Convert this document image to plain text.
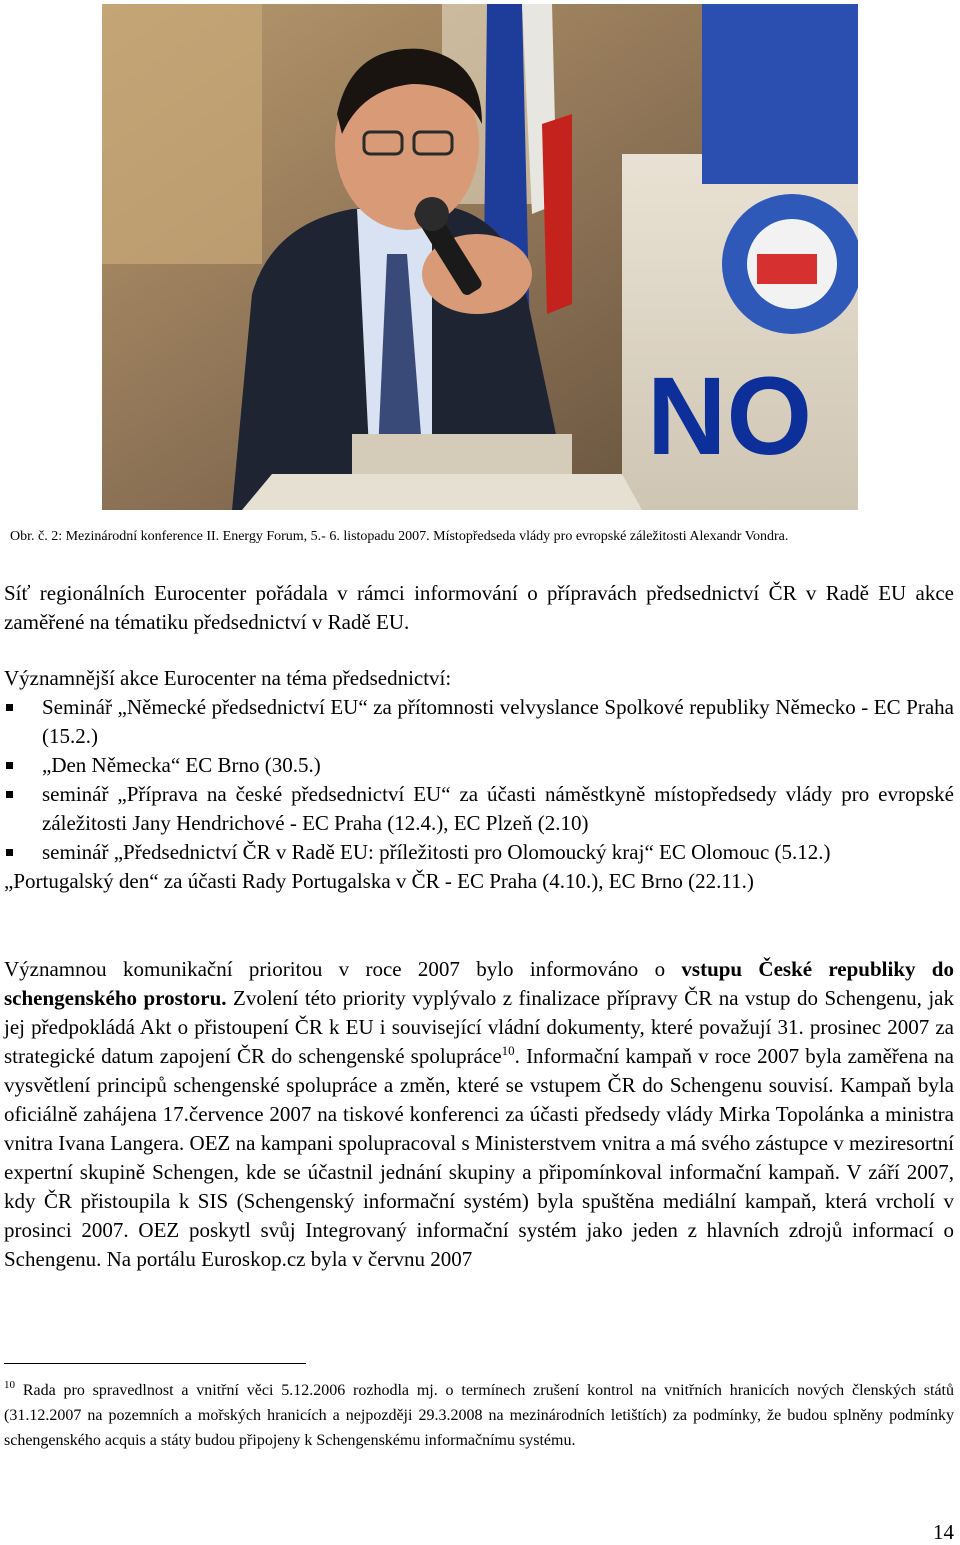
NO
Obr. č. 2: Mezinárodní konference II. Energy Forum, 5.- 6. listopadu 2007. Místopředseda vlády pro evropské záležitosti Alexandr Vondra.
Síť regionálních Eurocenter pořádala v rámci informování o přípravách předsednictví ČR v Radě EU akce zaměřené na tématiku předsednictví v Radě EU.
Významnější akce Eurocenter na téma předsednictví:
Seminář „Německé předsednictví EU“ za přítomnosti velvyslance Spolkové republiky Německo - EC Praha (15.2.)
„Den Německa“ EC Brno (30.5.)
seminář „Příprava na české předsednictví EU“ za účasti náměstkyně místopředsedy vlády pro evropské záležitosti Jany Hendrichové - EC Praha (12.4.), EC Plzeň (2.10)
seminář „Předsednictví ČR v Radě EU: příležitosti pro Olomoucký kraj“ EC Olomouc (5.12.)
„Portugalský den“ za účasti Rady Portugalska v ČR - EC Praha (4.10.), EC Brno (22.11.)
Významnou komunikační prioritou v roce 2007 bylo informováno o vstupu České republiky do schengenského prostoru. Zvolení této priority vyplývalo z finalizace přípravy ČR na vstup do Schengenu, jak jej předpokládá Akt o přistoupení ČR k EU i související vládní dokumenty, které považují 31. prosinec 2007 za strategické datum zapojení ČR do schengenské spolupráce$^{10}$. Informační kampaň v roce 2007 byla zaměřena na vysvětlení principů schengenské spolupráce a změn, které se vstupem ČR do Schengenu souvisí. Kampaň byla oficiálně zahájena 17.července 2007 na tiskové konferenci za účasti předsedy vlády Mirka Topolánka a ministra vnitra Ivana Langera. OEZ na kampani spolupracoval s Ministerstvem vnitra a má svého zástupce v meziresortní expertní skupině Schengen, kde se účastnil jednání skupiny a připomínkoval informační kampaň. V září 2007, kdy ČR přistoupila k SIS (Schengenský informační systém) byla spuštěna mediální kampaň, která vrcholí v prosinci 2007. OEZ poskytl svůj Integrovaný informační systém jako jeden z hlavních zdrojů informací o Schengenu. Na portálu Euroskop.cz byla v červnu 2007
$^{10}$ Rada pro spravedlnost a vnitřní věci 5.12.2006 rozhodla mj. o termínech zrušení kontrol na vnitřních hranicích nových členských států (31.12.2007 na pozemních a mořských hranicích a nejpozději 29.3.2008 na mezinárodních letištích) za podmínky, že budou splněny podmínky schengenského acquis a státy budou připojeny k Schengenskému informačnímu systému.
14
